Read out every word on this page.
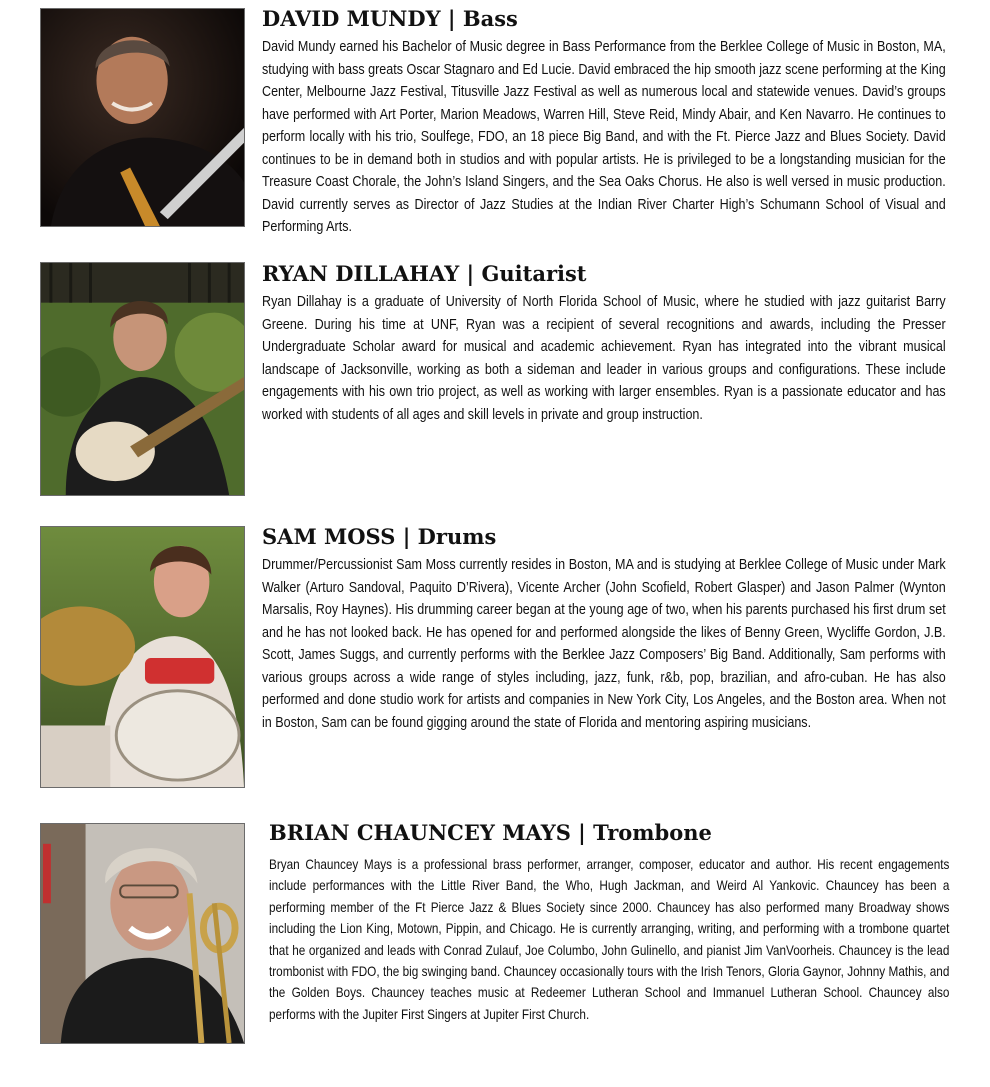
DAVID MUNDY | Bass

David Mundy earned his Bachelor of Music degree in Bass Performance from the Berklee College of Music in Boston, MA, studying with bass greats Oscar Stagnaro and Ed Lucie. David embraced the hip smooth jazz scene performing at the King Center, Melbourne Jazz Festival, Titusville Jazz Festival as well as numerous local and statewide venues. David’s groups have performed with Art Porter, Marion Meadows, Warren Hill, Steve Reid, Mindy Abair, and Ken Navarro. He continues to perform locally with his trio, Soulfege, FDO, an 18 piece Big Band, and with the Ft. Pierce Jazz and Blues Society. David continues to be in demand both in studios and with popular artists. He is privileged to be a longstanding musician for the Treasure Coast Chorale, the John’s Island Singers, and the Sea Oaks Chorus. He also is well versed in music production. David currently serves as Director of Jazz Studies at the Indian River Charter High’s Schumann School of Visual and Performing Arts.

RYAN DILLAHAY | Guitarist

Ryan Dillahay is a graduate of University of North Florida School of Music, where he studied with jazz guitarist Barry Greene. During his time at UNF, Ryan was a recipient of several recognitions and awards, including the Presser Undergraduate Scholar award for musical and academic achievement. Ryan has integrated into the vibrant musical landscape of Jacksonville, working as both a sideman and leader in various groups and configurations. These include engagements with his own trio project, as well as working with larger ensembles. Ryan is a passionate educator and has worked with students of all ages and skill levels in private and group instruction.

SAM MOSS | Drums

Drummer/Percussionist Sam Moss currently resides in Boston, MA and is studying at Berklee College of Music under Mark Walker (Arturo Sandoval, Paquito D’Rivera), Vicente Archer (John Scofield, Robert Glasper) and Jason Palmer (Wynton Marsalis, Roy Haynes). His drumming career began at the young age of two, when his parents purchased his first drum set and he has not looked back. He has opened for and performed alongside the likes of Benny Green, Wycliffe Gordon, J.B. Scott, James Suggs, and currently performs with the Berklee Jazz Composers’ Big Band. Additionally, Sam performs with various groups across a wide range of styles including, jazz, funk, r&b, pop, brazilian, and afro-cuban. He has also performed and done studio work for artists and companies in New York City, Los Angeles, and the Boston area. When not in Boston, Sam can be found gigging around the state of Florida and mentoring aspiring musicians.

BRIAN CHAUNCEY MAYS | Trombone

Bryan Chauncey Mays is a professional brass performer, arranger, composer, educator and author. His recent engagements include performances with the Little River Band, the Who, Hugh Jackman, and Weird Al Yankovic. Chauncey has been a performing member of the Ft Pierce Jazz & Blues Society since 2000. Chauncey has also performed many Broadway shows including the Lion King, Motown, Pippin, and Chicago. He is currently arranging, writing, and performing with a trombone quartet that he organized and leads with Conrad Zulauf, Joe Columbo, John Gulinello, and pianist Jim VanVoorheis. Chauncey is the lead trombonist with FDO, the big swinging band. Chauncey occasionally tours with the Irish Tenors, Gloria Gaynor, Johnny Mathis, and the Golden Boys. Chauncey teaches music at Redeemer Lutheran School and Immanuel Lutheran School. Chauncey also performs with the Jupiter First Singers at Jupiter First Church.
